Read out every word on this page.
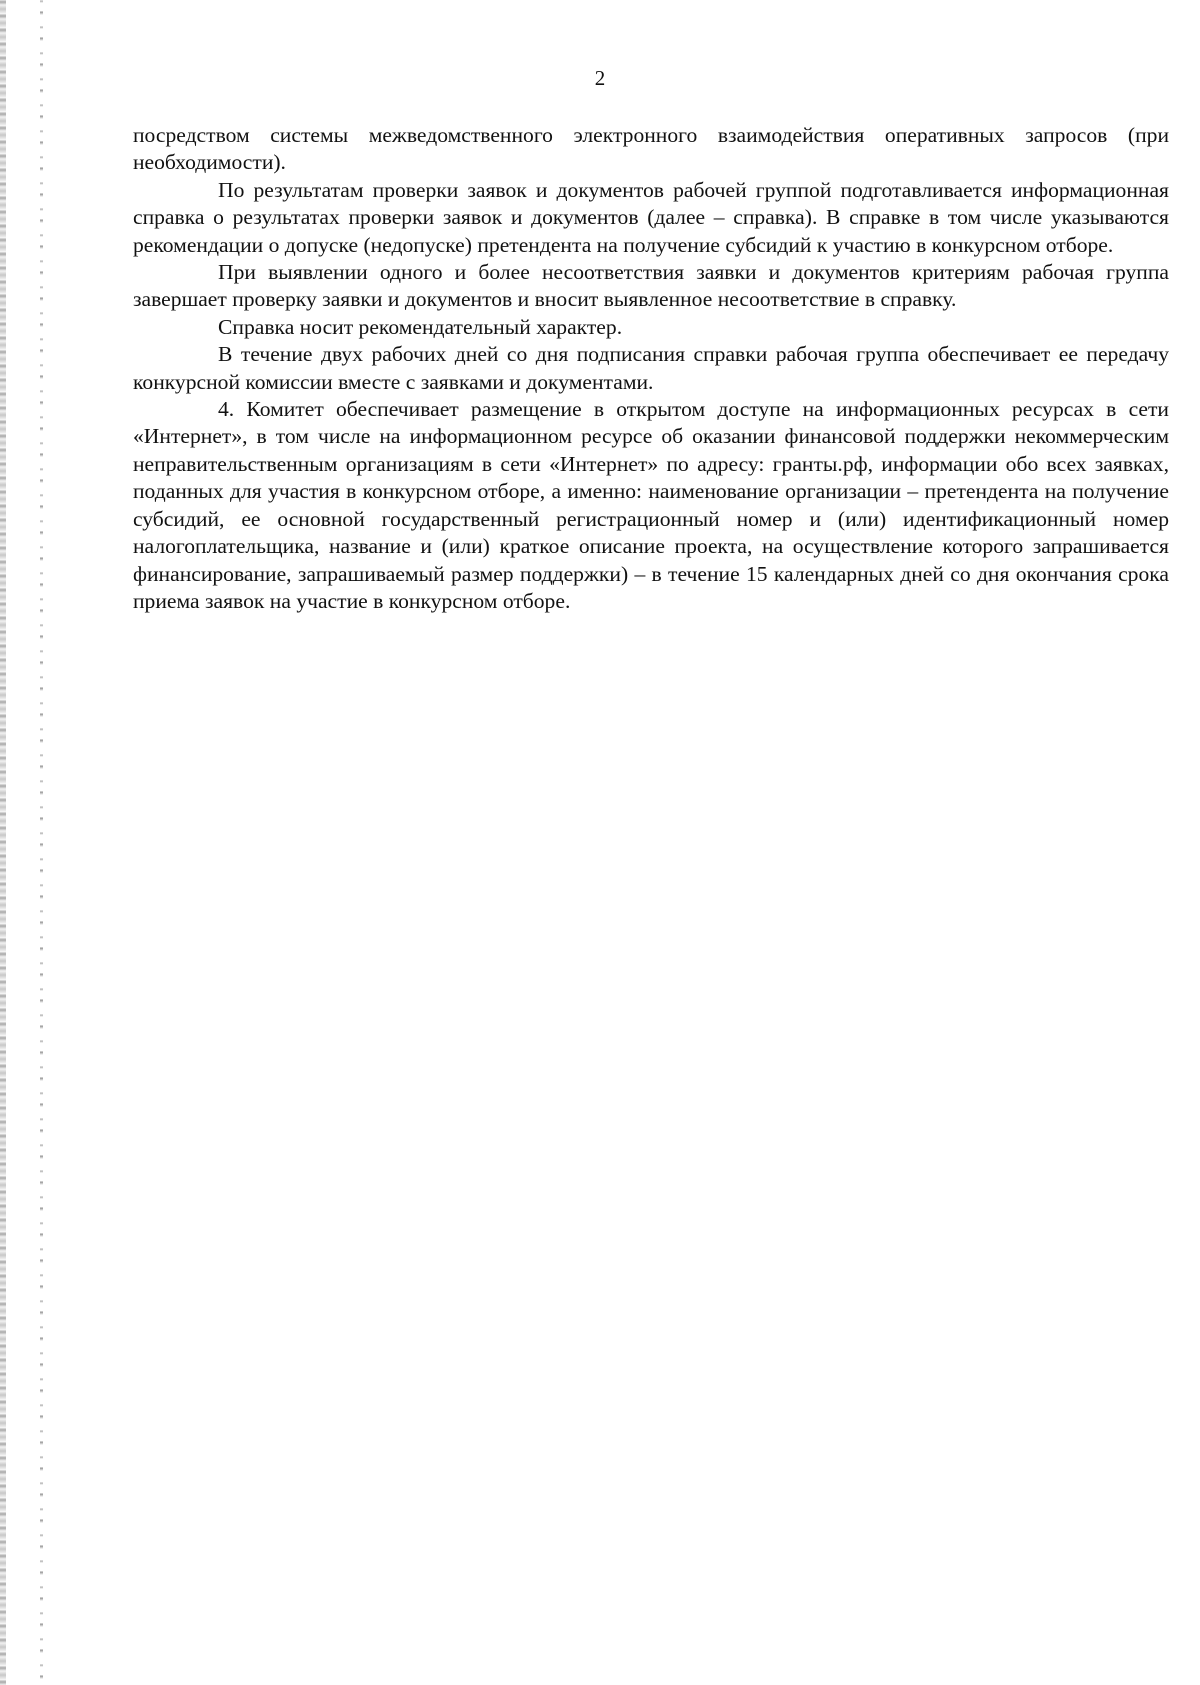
2

посредством системы межведомственного электронного взаимодействия оперативных запросов (при необходимости).

По результатам проверки заявок и документов рабочей группой подготавливается информационная справка о результатах проверки заявок и документов (далее – справка). В справке в том числе указываются рекомендации о допуске (недопуске) претендента на получение субсидий к участию в конкурсном отборе.

При выявлении одного и более несоответствия заявки и документов критериям рабочая группа завершает проверку заявки и документов и вносит выявленное несоответствие в справку.

Справка носит рекомендательный характер.

В течение двух рабочих дней со дня подписания справки рабочая группа обеспечивает ее передачу конкурсной комиссии вместе с заявками и документами.

4. Комитет обеспечивает размещение в открытом доступе на информационных ресурсах в сети «Интернет», в том числе на информационном ресурсе об оказании финансовой поддержки некоммерческим неправительственным организациям в сети «Интернет» по адресу: гранты.рф, информации обо всех заявках, поданных для участия в конкурсном отборе, а именно: наименование организации – претендента на получение субсидий, ее основной государственный регистрационный номер и (или) идентификационный номер налогоплательщика, название и (или) краткое описание проекта, на осуществление которого запрашивается финансирование, запрашиваемый размер поддержки) – в течение 15 календарных дней со дня окончания срока приема заявок на участие в конкурсном отборе.
